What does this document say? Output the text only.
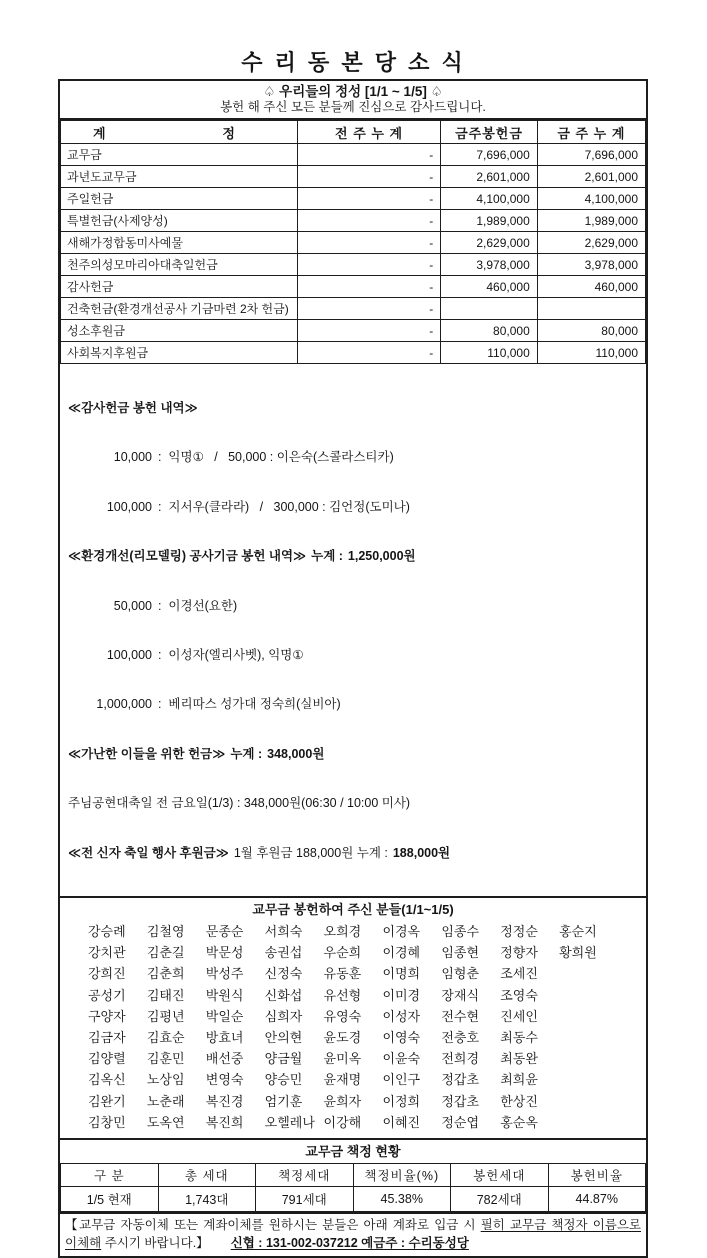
수 리 동 본 당 소 식
♤ 우리들의 정성 [1/1 ~ 1/5] ♤
봉헌 해 주신 모든 분들께 진심으로 감사드립니다.
계 정	전 주 누 계	금주봉헌금	금 주 누 계
교무금	-	7,696,000	7,696,000
과년도교무금	-	2,601,000	2,601,000
주일헌금	-	4,100,000	4,100,000
특별헌금(사제양성)	-	1,989,000	1,989,000
새해가정합동미사예물	-	2,629,000	2,629,000
천주의성모마리아대축일헌금	-	3,978,000	3,978,000
감사헌금	-	460,000	460,000
건축헌금(환경개선공사 기금마련 2차 헌금)	-		
성소후원금	-	80,000	80,000
사회복지후원금	-	110,000	110,000

≪감사헌금 봉헌 내역≫

10,000 :  익명①   /   50,000 : 이은숙(스콜라스티카)

100,000 :  지서우(클라라)   /   300,000 : 김언정(도미나)

≪환경개선(리모델링) 공사기금 봉헌 내역≫ 누계 : 1,250,000원

50,000 :  이경선(요한)

100,000 :  이성자(엘리사벳), 익명①

1,000,000 :  베리따스 성가대 정숙희(실비아)

≪가난한 이들을 위한 헌금≫ 누계 : 348,000원

주님공현대축일 전 금요일(1/3) : 348,000원(06:30 / 10:00 미사)

≪전 신자 축일 행사 후원금≫ 1월 후원금 188,000원 누계 : 188,000원

교무금 봉헌하여 주신 분들(1/1~1/5)
강승례 김철영 문종순 서희숙 오희경 이경옥 임종수 정정순 홍순지
강치관 김춘길 박문성 송권섭 우순희 이경혜 임종현 정향자 황희원
강희진 김춘희 박성주 신정숙 유동훈 이명희 임형춘 조세진
공성기 김태진 박원식 신화섭 유선형 이미경 장재식 조영숙
구양자 김평년 박일순 심희자 유영숙 이성자 전수현 진세인
김금자 김효순 방효녀 안의현 윤도경 이영숙 전충호 최동수
김양렬 김훈민 배선중 양금월 윤미옥 이윤숙 전희경 최동완
김옥신 노상임 변영숙 양승민 윤재명 이인구 정갑초 최희윤
김완기 노춘래 복진경 엄기훈 윤희자 이정희 정갑초 한상진
김창민 도옥연 복진희 오헬레나 이강해 이혜진 정순엽 홍순옥
교무금 책정 현황
구 분	총 세대	책정세대	책정비율(%)	봉헌세대	봉헌비율
1/5 현재	1,743대	791세대	45.38%	782세대	44.87%
【교무금 자동이체 또는 계좌이체를 원하시는 분들은 아래 계좌로 입금 시 필히 교무금 책정자 이름으로
이체해 주시기 바랍니다.】 신협 : 131-002-037212 예금주 : 수리동성당
